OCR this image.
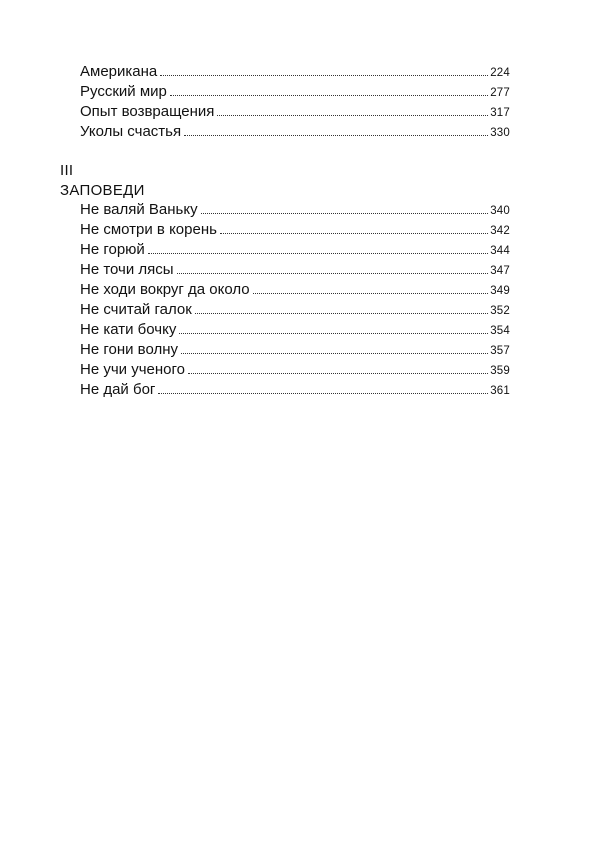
Американа	224
Русский мир	277
Опыт возвращения	317
Уколы счастья	330
III
ЗАПОВЕДИ
Не валяй Ваньку	340
Не смотри в корень	342
Не горюй	344
Не точи лясы	347
Не ходи вокруг да около	349
Не считай галок	352
Не кати бочку	354
Не гони волну	357
Не учи ученого	359
Не дай бог	361
